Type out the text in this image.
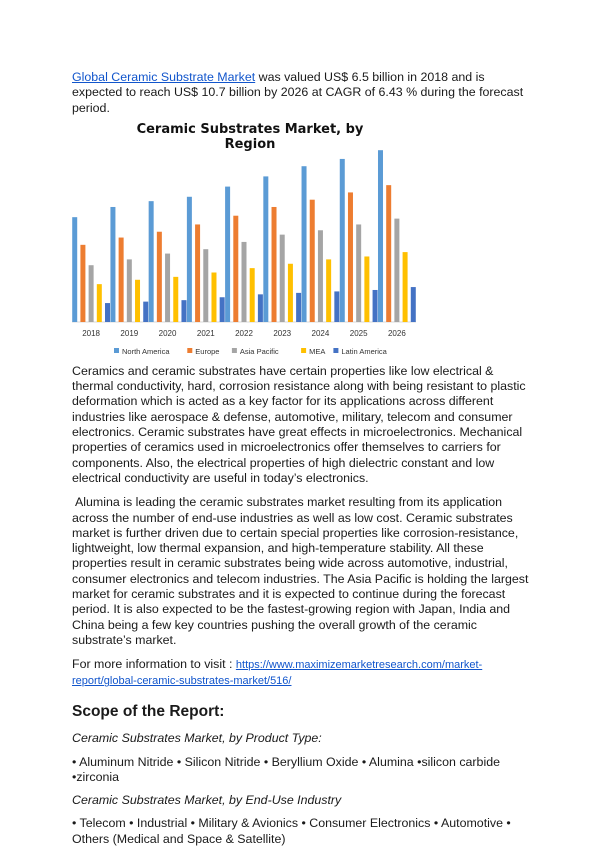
Global Ceramic Substrate Market was valued US$ 6.5 billion in 2018 and is expected to reach US$ 10.7 billion by 2026 at CAGR of 6.43 % during the forecast period.

Ceramic Substrates Market, by Region
2018	2019	2020	2021	2022	2023	2024	2025	2026
North America	Europe	Asia Pacific	MEA Latin America

Ceramics and ceramic substrates have certain properties like low electrical & thermal conductivity, hard, corrosion resistance along with being resistant to plastic deformation which is acted as a key factor for its applications across different industries like aerospace & defense, automotive, military, telecom and consumer electronics. Ceramic substrates have great effects in microelectronics. Mechanical properties of ceramics used in microelectronics offer themselves to carriers for components. Also, the electrical properties of high dielectric constant and low electrical conductivity are useful in today’s electronics.

Alumina is leading the ceramic substrates market resulting from its application across the number of end-use industries as well as low cost. Ceramic substrates market is further driven due to certain special properties like corrosion-resistance, lightweight, low thermal expansion, and high-temperature stability. All these properties result in ceramic substrates being wide across automotive, industrial, consumer electronics and telecom industries. The Asia Pacific is holding the largest market for ceramic substrates and it is expected to continue during the forecast period. It is also expected to be the fastest-growing region with Japan, India and China being a few key countries pushing the overall growth of the ceramic substrate’s market.

For more information to visit : https://www.maximizemarketresearch.com/market-report/global-ceramic-substrates-market/516/

Scope of the Report:

Ceramic Substrates Market, by Product Type:

• Aluminum Nitride • Silicon Nitride • Beryllium Oxide • Alumina •silicon carbide •zirconia

Ceramic Substrates Market, by End-Use Industry

• Telecom • Industrial • Military & Avionics • Consumer Electronics • Automotive • Others (Medical and Space & Satellite)
